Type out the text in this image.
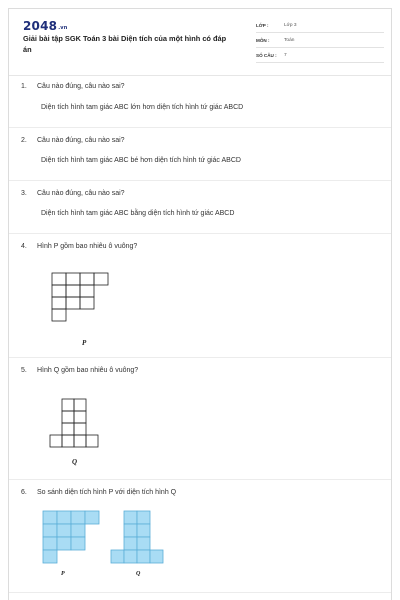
2048.vn
Giải bài tập SGK Toán 3 bài Diện tích của một hình có đáp án
LỚP :	Lớp 3
MÔN :	Toán
SỐ CÂU :	7
1. Câu nào đúng, câu nào sai?
Diện tích hình tam giác ABC lớn hơn diện tích hình tứ giác ABCD
2. Câu nào đúng, câu nào sai?
Diện tích hình tam giác ABC bé hơn diện tích hình tứ giác ABCD
3. Câu nào đúng, câu nào sai?
Diện tích hình tam giác ABC bằng diện tích hình tứ giác ABCD
4. Hình P gồm bao nhiêu ô vuông?
P
5. Hình Q gồm bao nhiêu ô vuông?
Q
6. So sánh diện tích hình P với diện tích hình Q
P	Q
